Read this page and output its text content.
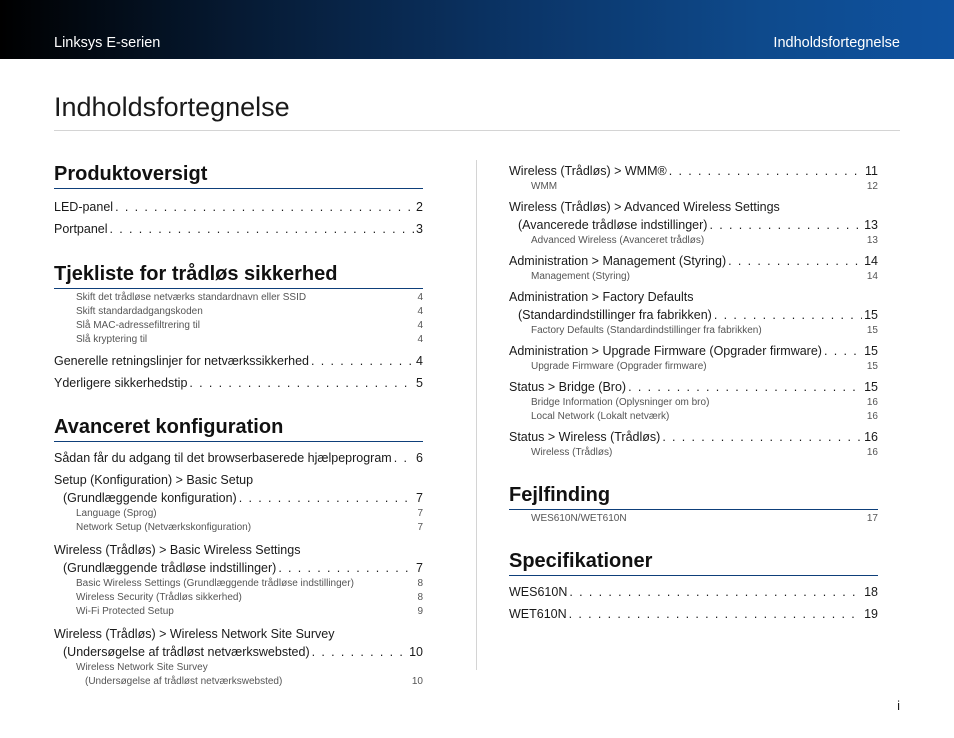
Linksys E-serien	Indholdsfortegnelse
Indholdsfortegnelse
Produktoversigt
LED-panel . . .	2
Portpanel . . .	3
Tjekliste for trådløs sikkerhed
Skift det trådløse netværks standardnavn eller SSID	4
Skift standardadgangskoden	4
Slå MAC-adressefiltrering til	4
Slå kryptering til	4
Generelle retningslinjer for netværkssikkerhed . . .	4
Yderligere sikkerhedstip . . .	5
Avanceret konfiguration
Sådan får du adgang til det browserbaserede hjælpeprogram . . . 6
Setup (Konfiguration) > Basic Setup
(Grundlæggende konfiguration) . . .	7
Language (Sprog)	7
Network Setup (Netværkskonfiguration)	7
Wireless (Trådløs) > Basic Wireless Settings
(Grundlæggende trådløse indstillinger) . . .	7
Basic Wireless Settings (Grundlæggende trådløse indstillinger)	8
Wireless Security (Trådløs sikkerhed)	8
Wi-Fi Protected Setup	9
Wireless (Trådløs) > Wireless Network Site Survey
(Undersøgelse af trådløst netværkswebsted) . . .	10
Wireless Network Site Survey
(Undersøgelse af trådløst netværkswebsted)	10
Wireless (Trådløs) > WMM® . . .	11
WMM	12
Wireless (Trådløs) > Advanced Wireless Settings
(Avancerede trådløse indstillinger) . . .	13
Advanced Wireless (Avanceret trådløs)	13
Administration > Management (Styring) . . .	14
Management (Styring)	14
Administration > Factory Defaults
(Standardindstillinger fra fabrikken) . . .	15
Factory Defaults (Standardindstillinger fra fabrikken)	15
Administration > Upgrade Firmware (Opgrader firmware) . . .	15
Upgrade Firmware (Opgrader firmware)	15
Status > Bridge (Bro) . . .	15
Bridge Information (Oplysninger om bro)	16
Local Network (Lokalt netværk)	16
Status > Wireless (Trådløs) . . .	16
Wireless (Trådløs)	16
Fejlfinding
WES610N/WET610N	17
Specifikationer
WES610N . . .	18
WET610N . . .	19
i
